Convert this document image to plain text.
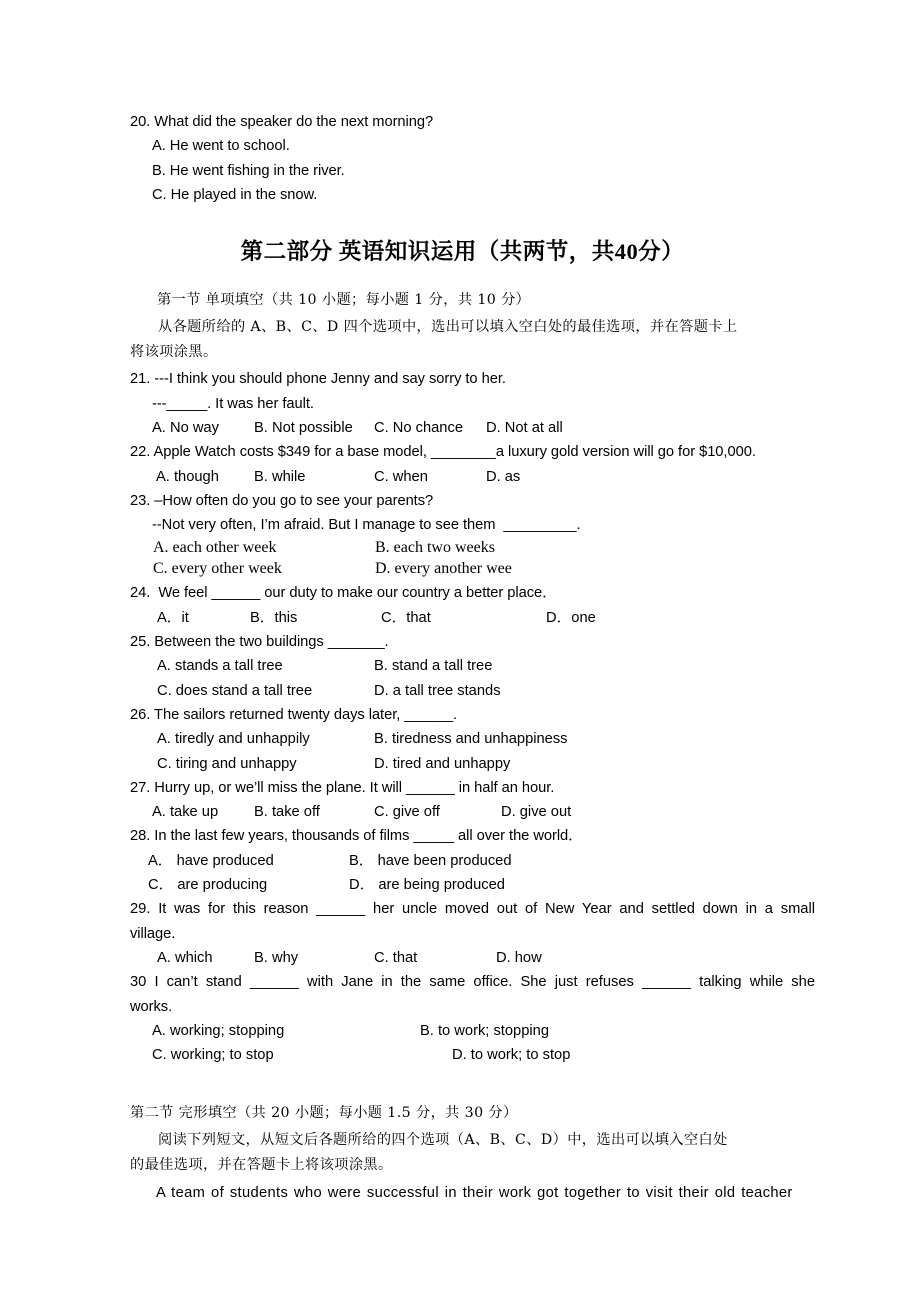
20. What did the speaker do the next morning?
A. He went to school.
B. He went fishing in the river.
C. He played in the snow.
第二部分 英语知识运用（共两节，共40分）
第一节 单项填空（共 10 小题；每小题 1 分，共 10 分）
从各题所给的 A、B、C、D 四个选项中，选出可以填入空白处的最佳选项，并在答题卡上
将该项涂黑。
21. ---I think you should phone Jenny and say sorry to her.
---_____. It was her fault.
A. No way B. Not possible C. No chance D. Not at all
22. Apple Watch costs $349 for a base model, ________a luxury gold version will go for $10,000.
A. though B. while	C. when	D. as
23. –How often do you go to see your parents?
--Not very often, I’m afraid. But I manage to see them  _________.
A. each other week	B. each two weeks
C. every other week	D. every another wee
24.  We feel ______ our duty to make our country a better place．
A．it	B．this	C．that	D．one
25. Between the two buildings _______.
A. stands a tall tree	B. stand a tall tree
C. does stand a tall tree	D. a tall tree stands
26. The sailors returned twenty days later, ______.
A. tiredly and unhappily	B. tiredness and unhappiness
C. tiring and unhappy	D. tired and unhappy
27. Hurry up, or we’ll miss the plane. It will ______ in half an hour.
A. take up B. take off	C. give off	D. give out
28. In the last few years, thousands of films _____ all over the world．
A． have produced	B． have been produced
C． are producing	D． are being produced
29. It was for this reason ______ her uncle moved out of New Year and settled down in a small
village.
A. which	B. why	C. that	D. how
30 I can’t stand ______ with Jane in the same office. She just refuses ______ talking while she
works.
A. working; stopping	B. to work; stopping
C. working; to stop	D. to work; to stop
第二节 完形填空（共 20 小题；每小题 1.5 分，共 30 分）
阅读下列短文，从短文后各题所给的四个选项（A、B、C、D）中，选出可以填入空白处
的最佳选项，并在答题卡上将该项涂黑。
A team of students who were successful in their work got together to visit their old teacher
